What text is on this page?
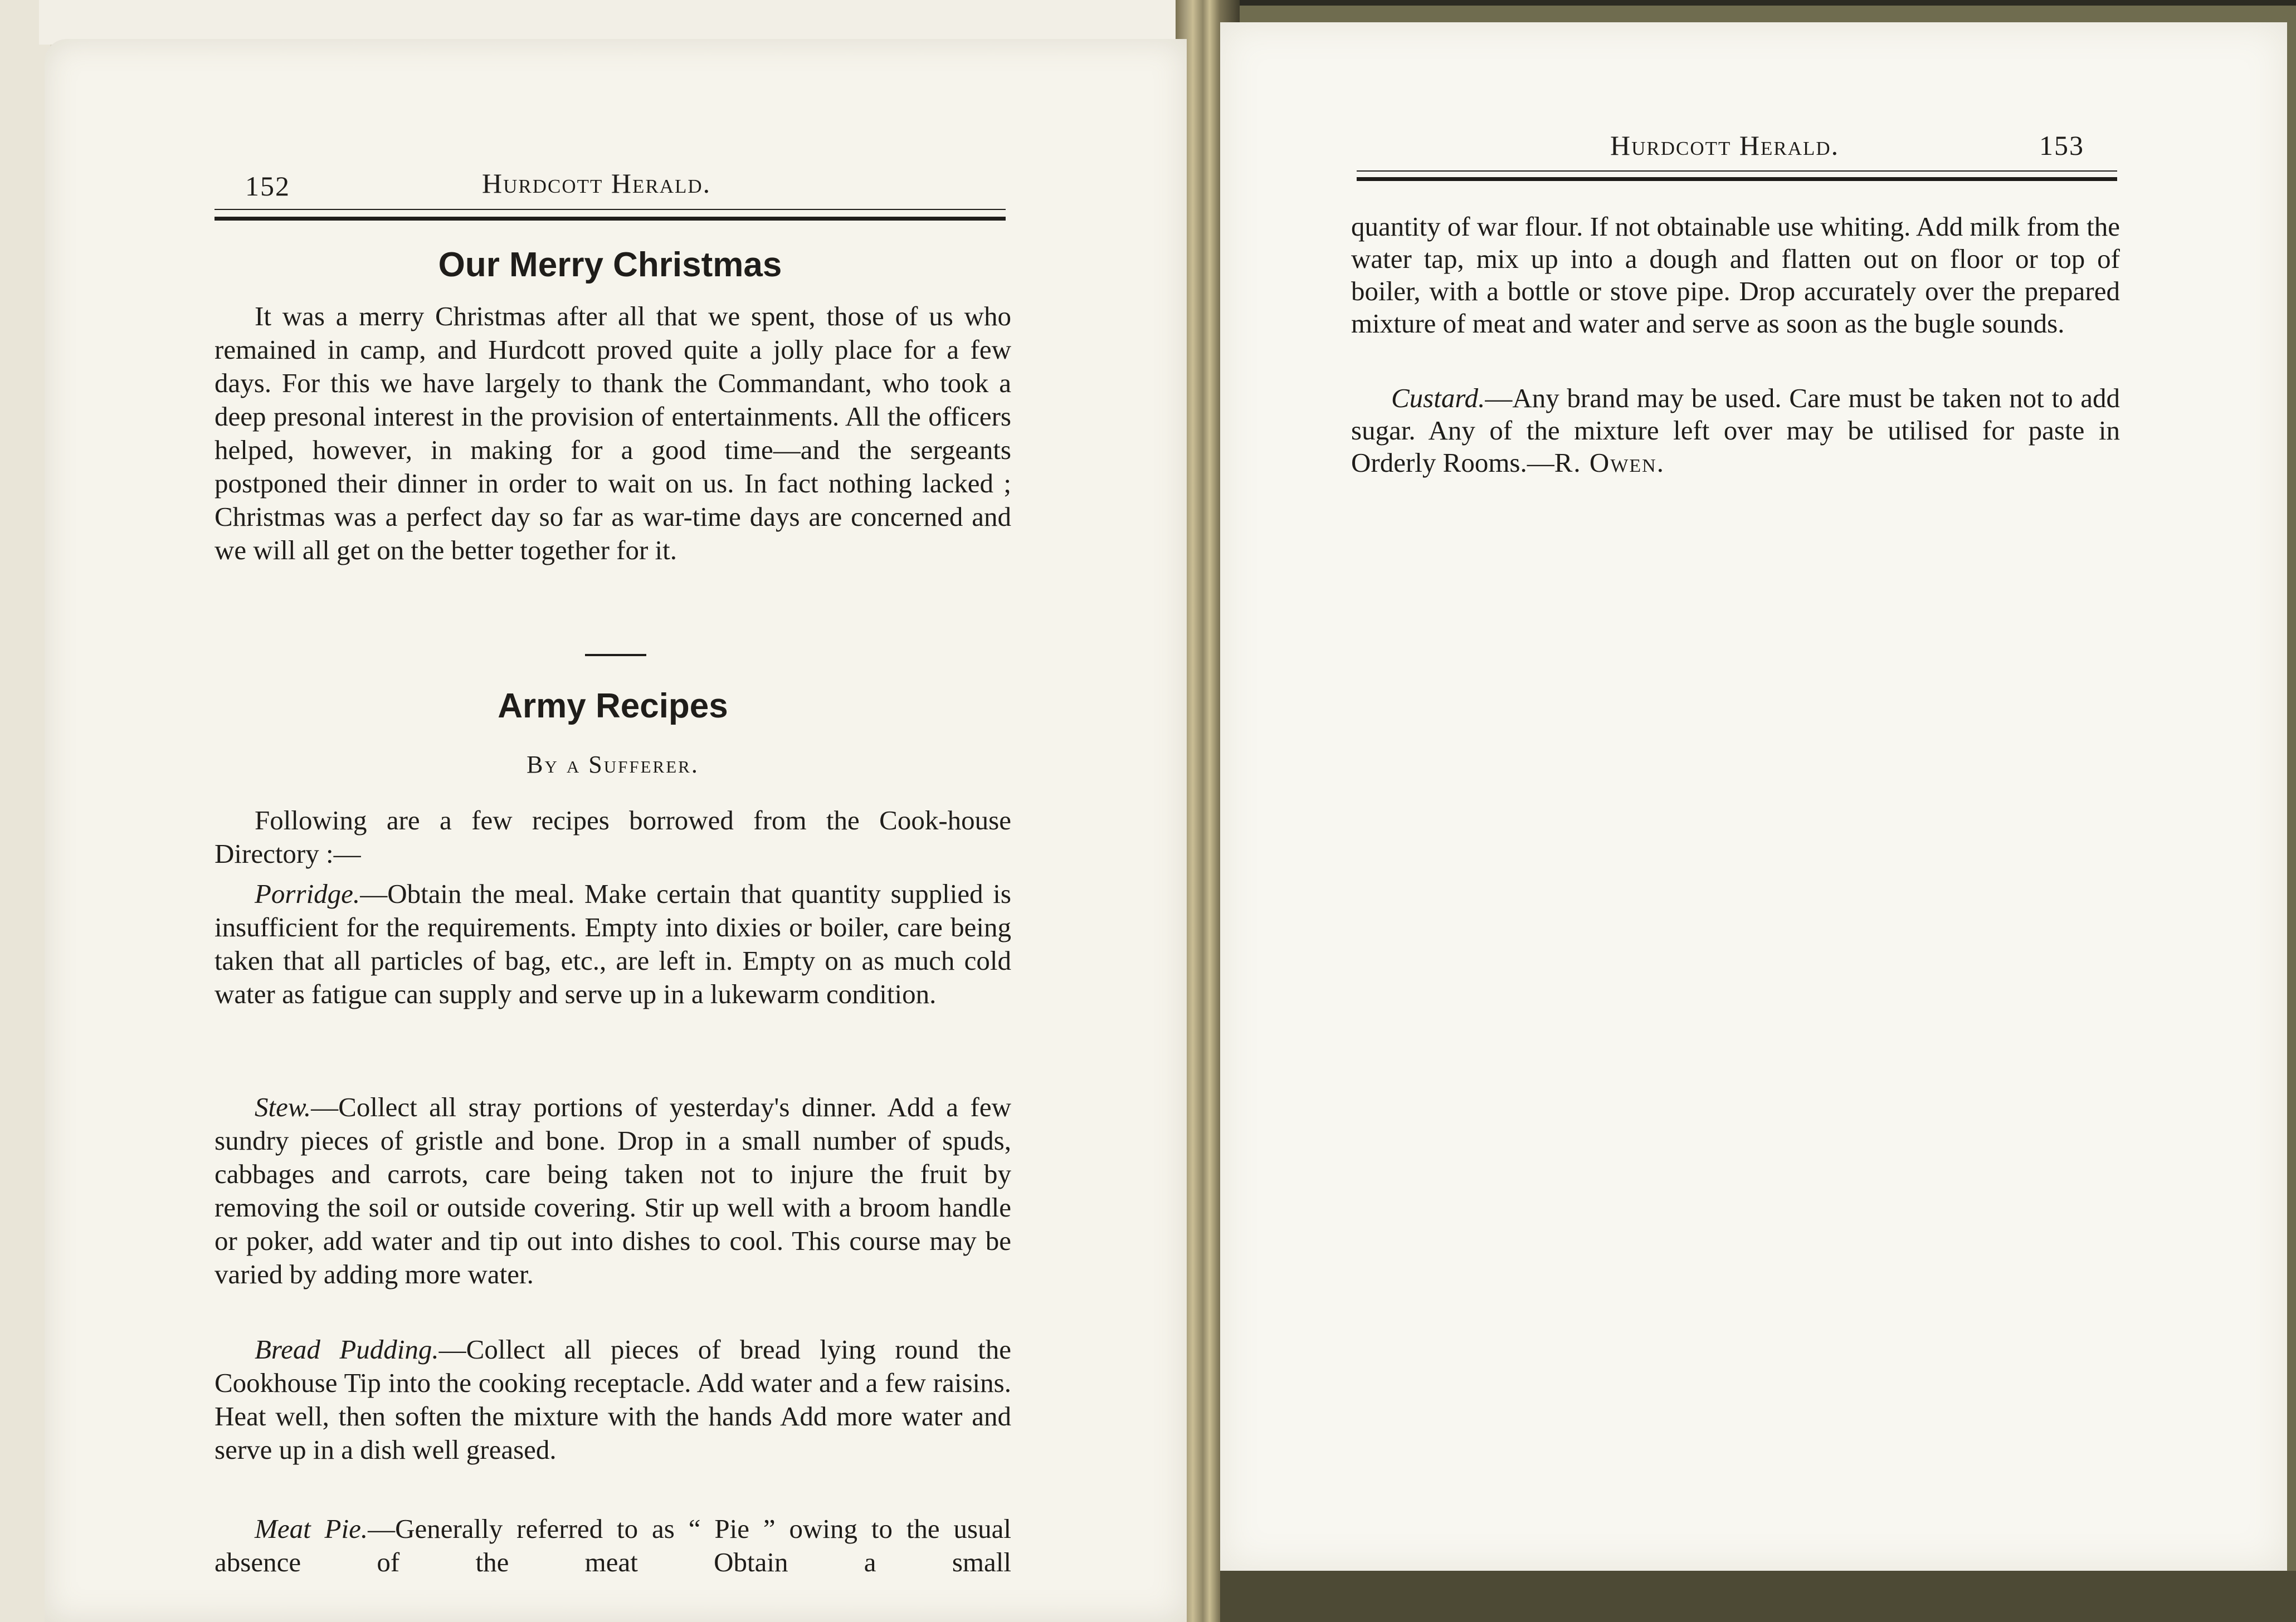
152	Hurdcott Herald.
Our Merry Christmas
It was a merry Christmas after all that we spent, those of us who remained in camp, and Hurdcott proved quite a jolly place for a few days. For this we have largely to thank the Commandant, who took a deep presonal interest in the provision of entertainments. All the officers helped, however, in making for a good time—and the sergeants postponed their dinner in order to wait on us. In fact nothing lacked ; Christmas was a perfect day so far as war-time days are concerned and we will all get on the better together for it.
Army Recipes
By a Sufferer.
Following are a few recipes borrowed from the Cook-house Directory :—
Porridge.—Obtain the meal. Make certain that quantity supplied is insufficient for the requirements. Empty into dixies or boiler, care being taken that all particles of bag, etc., are left in. Empty on as much cold water as fatigue can supply and serve up in a lukewarm condition.
Stew.—Collect all stray portions of yesterday's dinner. Add a few sundry pieces of gristle and bone. Drop in a small number of spuds, cabbages and carrots, care being taken not to injure the fruit by removing the soil or outside covering. Stir up well with a broom handle or poker, add water and tip out into dishes to cool. This course may be varied by adding more water.
Bread Pudding.—Collect all pieces of bread lying round the Cookhouse Tip into the cooking receptacle. Add water and a few raisins. Heat well, then soften the mixture with the hands Add more water and serve up in a dish well greased.
Meat Pie.—Generally referred to as “ Pie ” owing to the usual absence of the meat Obtain a small
Hurdcott Herald.	153
quantity of war flour. If not obtainable use whiting. Add milk from the water tap, mix up into a dough and flatten out on floor or top of boiler, with a bottle or stove pipe. Drop accurately over the prepared mixture of meat and water and serve as soon as the bugle sounds.
Custard.—Any brand may be used. Care must be taken not to add sugar. Any of the mixture left over may be utilised for paste in Orderly Rooms.—R. Owen.
